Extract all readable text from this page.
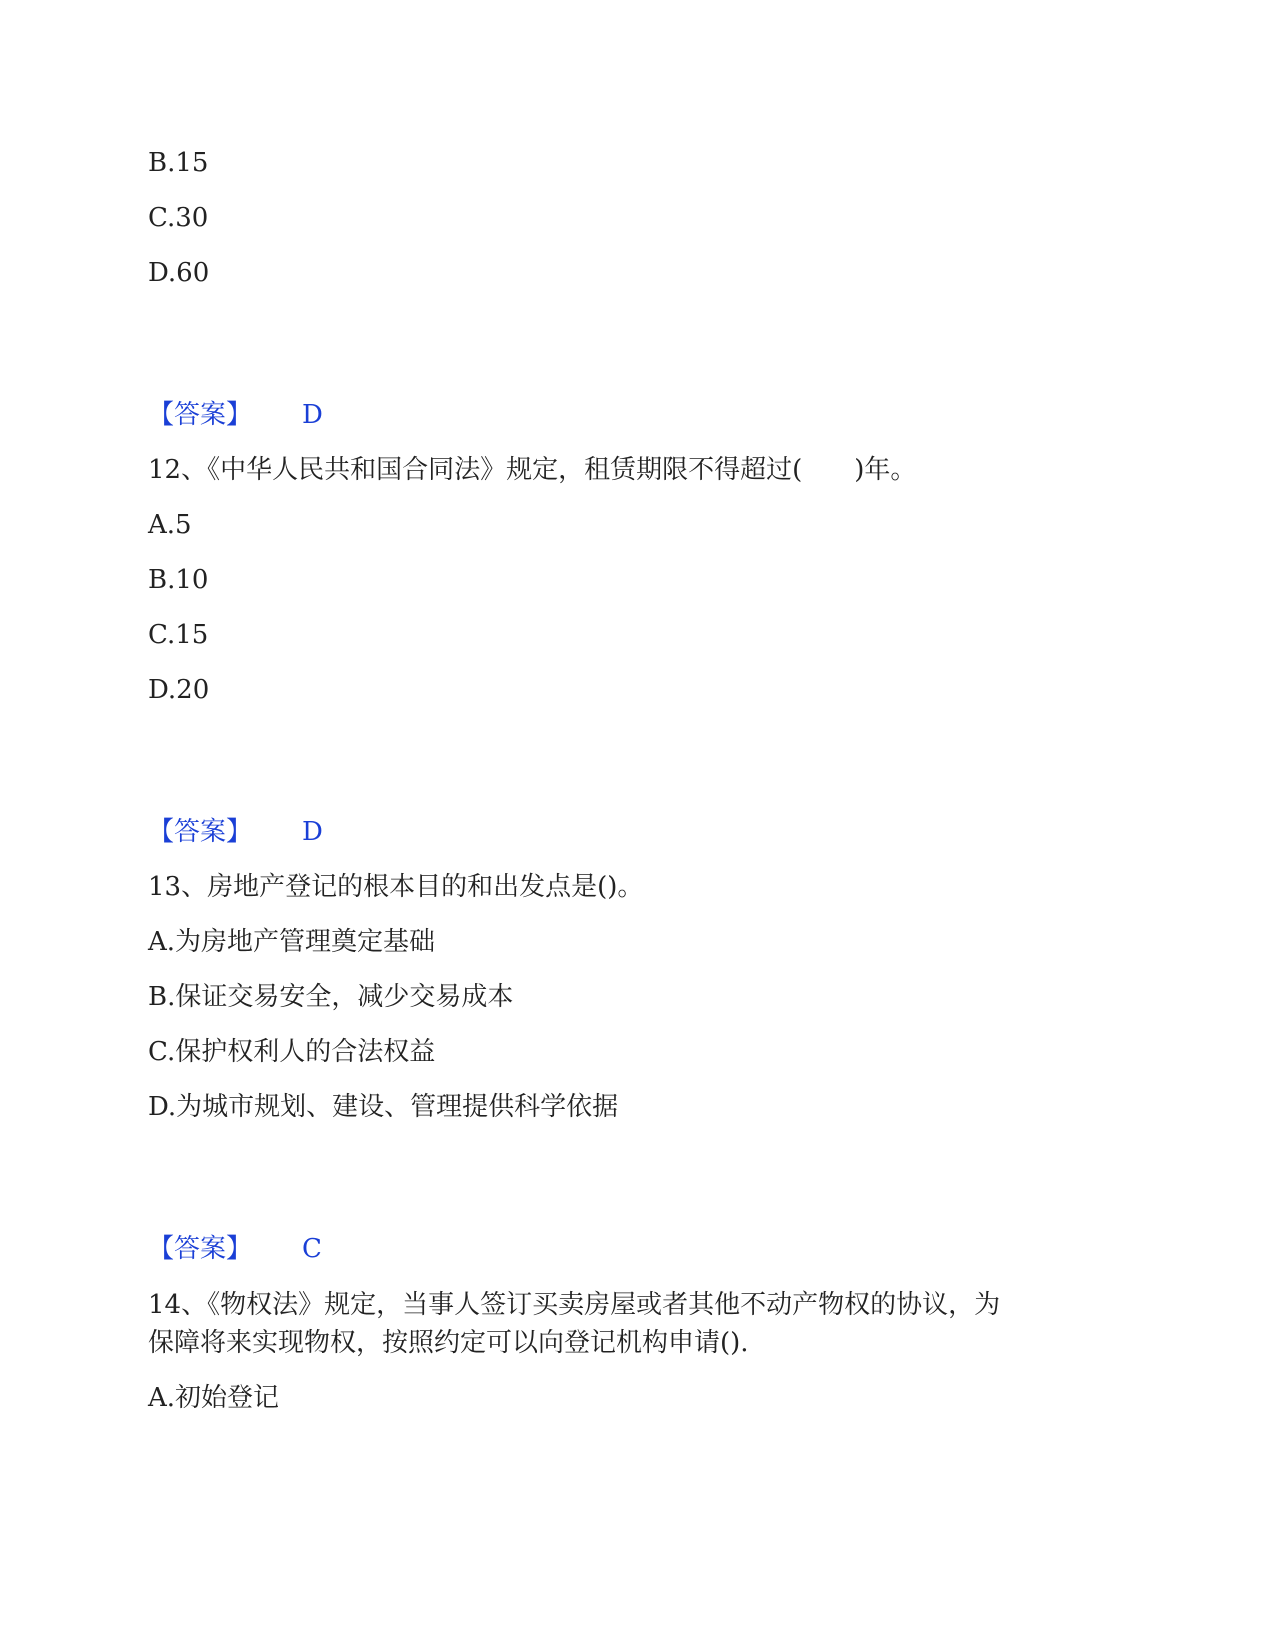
B.15
C.30
D.60
【答案】 D
12、《中华人民共和国合同法》规定，租赁期限不得超过(　　)年。
A.5
B.10
C.15
D.20
【答案】 D
13、房地产登记的根本目的和出发点是()。
A.为房地产管理奠定基础
B.保证交易安全，减少交易成本
C.保护权利人的合法权益
D.为城市规划、建设、管理提供科学依据
【答案】 C
14、《物权法》规定，当事人签订买卖房屋或者其他不动产物权的协议，为
保障将来实现物权，按照约定可以向登记机构申请().
A.初始登记
